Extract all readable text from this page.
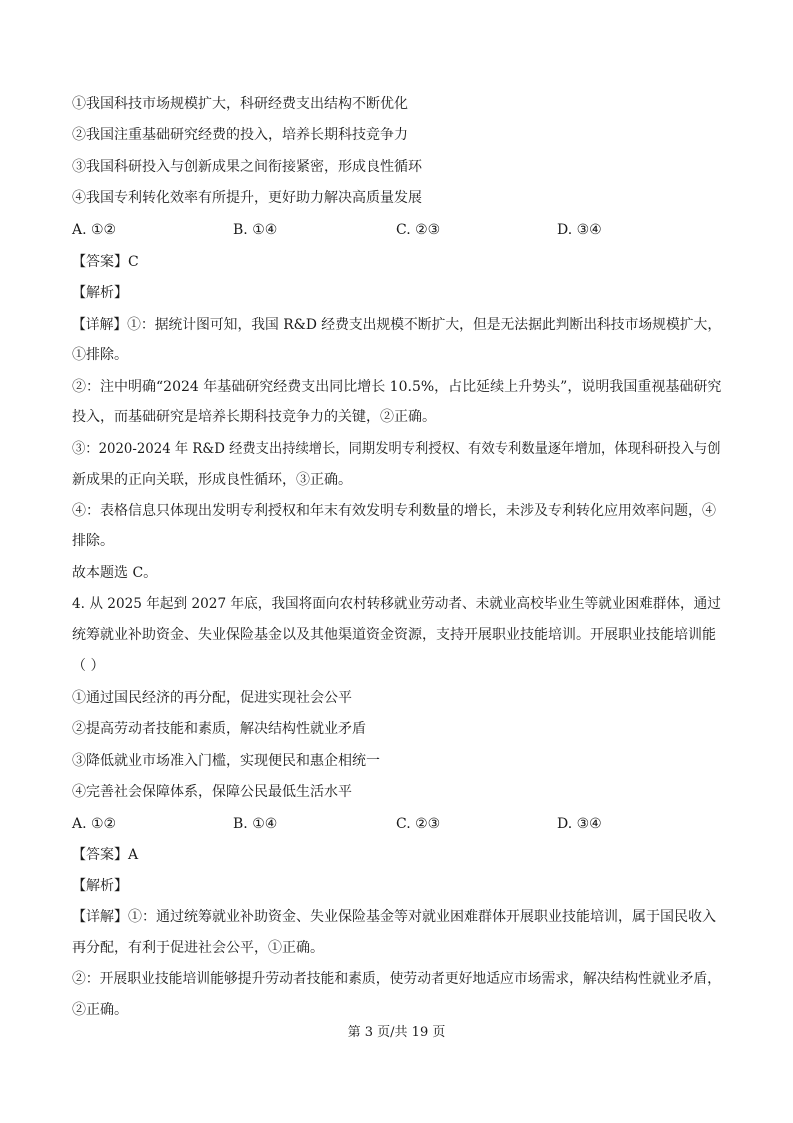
①我国科技市场规模扩大，科研经费支出结构不断优化
②我国注重基础研究经费的投入，培养长期科技竞争力
③我国科研投入与创新成果之间衔接紧密，形成良性循环
④我国专利转化效率有所提升，更好助力解决高质量发展
A. ①②	B. ①④	C. ②③	D. ③④
【答案】C
【解析】
【详解】①：据统计图可知，我国 R&D 经费支出规模不断扩大，但是无法据此判断出科技市场规模扩大，
①排除。
②：注中明确“2024 年基础研究经费支出同比增长 10.5%，占比延续上升势头”，说明我国重视基础研究
投入，而基础研究是培养长期科技竞争力的关键，②正确。
③：2020-2024 年 R&D 经费支出持续增长，同期发明专利授权、有效专利数量逐年增加，体现科研投入与创
新成果的正向关联，形成良性循环，③正确。
④：表格信息只体现出发明专利授权和年末有效发明专利数量的增长，未涉及专利转化应用效率问题，④
排除。
故本题选 C。
4. 从 2025 年起到 2027 年底，我国将面向农村转移就业劳动者、未就业高校毕业生等就业困难群体，通过
统筹就业补助资金、失业保险基金以及其他渠道资金资源，支持开展职业技能培训。开展职业技能培训能
（ ）
①通过国民经济的再分配，促进实现社会公平
②提高劳动者技能和素质，解决结构性就业矛盾
③降低就业市场准入门槛，实现便民和惠企相统一
④完善社会保障体系，保障公民最低生活水平
A. ①②	B. ①④	C. ②③	D. ③④
【答案】A
【解析】
【详解】①：通过统筹就业补助资金、失业保险基金等对就业困难群体开展职业技能培训，属于国民收入
再分配，有利于促进社会公平，①正确。
②：开展职业技能培训能够提升劳动者技能和素质，使劳动者更好地适应市场需求，解决结构性就业矛盾，
②正确。
第 3 页/共 19 页
